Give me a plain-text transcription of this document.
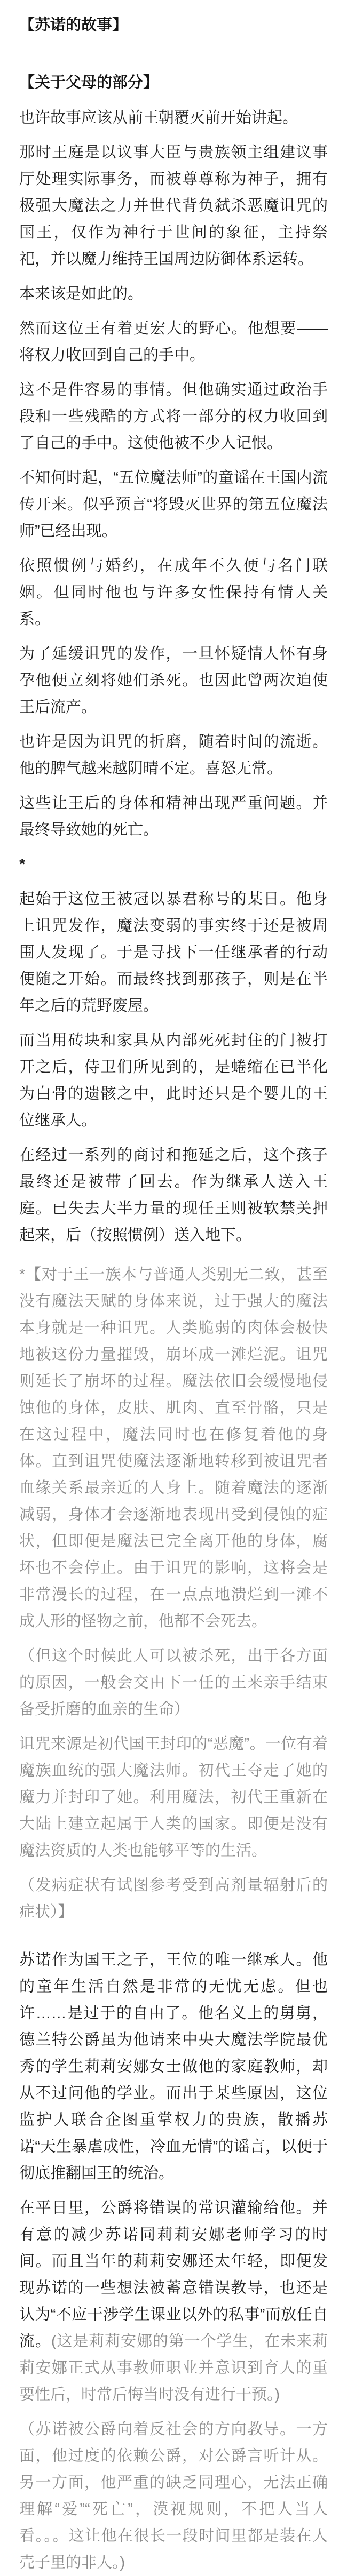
【苏诺的故事】
【关于父母的部分】

也许故事应该从前王朝覆灭前开始讲起。

那时王庭是以议事大臣与贵族领主组建议事厅处理实际事务，而被尊尊称为神子，拥有极强大魔法之力并世代背负弑杀恶魔诅咒的国王，仅作为神行于世间的象征，主持祭祀，并以魔力维持王国周边防御体系运转。

本来该是如此的。

然而这位王有着更宏大的野心。他想要——将权力收回到自己的手中。

这不是件容易的事情。但他确实通过政治手段和一些残酷的方式将一部分的权力收回到了自己的手中。这使他被不少人记恨。

不知何时起，“五位魔法师”的童谣在王国内流传开来。似乎预言“将毁灭世界的第五位魔法师”已经出现。

依照惯例与婚约，在成年不久便与名门联姻。但同时他也与许多女性保持有情人关系。

为了延缓诅咒的发作，一旦怀疑情人怀有身孕他便立刻将她们杀死。也因此曾两次迫使王后流产。

也许是因为诅咒的折磨，随着时间的流逝。他的脾气越来越阴晴不定。喜怒无常。

这些让王后的身体和精神出现严重问题。并最终导致她的死亡。

*

起始于这位王被冠以暴君称号的某日。他身上诅咒发作，魔法变弱的事实终于还是被周围人发现了。于是寻找下一任继承者的行动便随之开始。而最终找到那孩子，则是在半年之后的荒野废屋。

而当用砖块和家具从内部死死封住的门被打开之后，侍卫们所见到的，是蜷缩在已半化为白骨的遗骸之中，此时还只是个婴儿的王位继承人。

在经过一系列的商讨和拖延之后，这个孩子最终还是被带了回去。作为继承人送入王庭。已失去大半力量的现任王则被软禁关押起来，后（按照惯例）送入地下。

*【对于王一族本与普通人类别无二致，甚至没有魔法天赋的身体来说，过于强大的魔法本身就是一种诅咒。人类脆弱的肉体会极快地被这份力量摧毁，崩坏成一滩烂泥。诅咒则延长了崩坏的过程。魔法依旧会缓慢地侵蚀他的身体，皮肤、肌肉、直至骨骼，只是在这过程中，魔法同时也在修复着他的身体。直到诅咒使魔法逐渐地转移到被诅咒者血缘关系最亲近的人身上。随着魔法的逐渐减弱，身体才会逐渐地表现出受到侵蚀的症状，但即便是魔法已完全离开他的身体，腐坏也不会停止。由于诅咒的影响，这将会是非常漫长的过程，在一点点地溃烂到一滩不成人形的怪物之前，他都不会死去。

（但这个时候此人可以被杀死，出于各方面的原因，一般会交由下一任的王来亲手结束备受折磨的血亲的生命）

诅咒来源是初代国王封印的“恶魔”。一位有着魔族血统的强大魔法师。初代王夺走了她的魔力并封印了她。利用魔法，初代王重新在大陆上建立起属于人类的国家。即便是没有魔法资质的人类也能够平等的生活。

（发病症状有试图参考受到高剂量辐射后的症状）】

苏诺作为国王之子，王位的唯一继承人。他的童年生活自然是非常的无忧无虑。但也许……是过于的自由了。他名义上的舅舅，德兰特公爵虽为他请来中央大魔法学院最优秀的学生莉莉安娜女士做他的家庭教师，却从不过问他的学业。而出于某些原因，这位监护人联合企图重掌权力的贵族，散播苏诺“天生暴虐成性，冷血无情”的谣言，以便于彻底推翻国王的统治。

在平日里，公爵将错误的常识灌输给他。并有意的减少苏诺同莉莉安娜老师学习的时间。而且当年的莉莉安娜还太年轻，即便发现苏诺的一些想法被蓄意错误教导，也还是认为“不应干涉学生课业以外的私事”而放任自流。(这是莉莉安娜的第一个学生，在未来莉莉安娜正式从事教师职业并意识到育人的重要性后，时常后悔当时没有进行干预。)

（苏诺被公爵向着反社会的方向教导。一方面，他过度的依赖公爵，对公爵言听计从。另一方面，他严重的缺乏同理心，无法正确理解“爱”“死亡”，漠视规则，不把人当人看。。。这让他在很长一段时间里都是装在人壳子里的非人。)
